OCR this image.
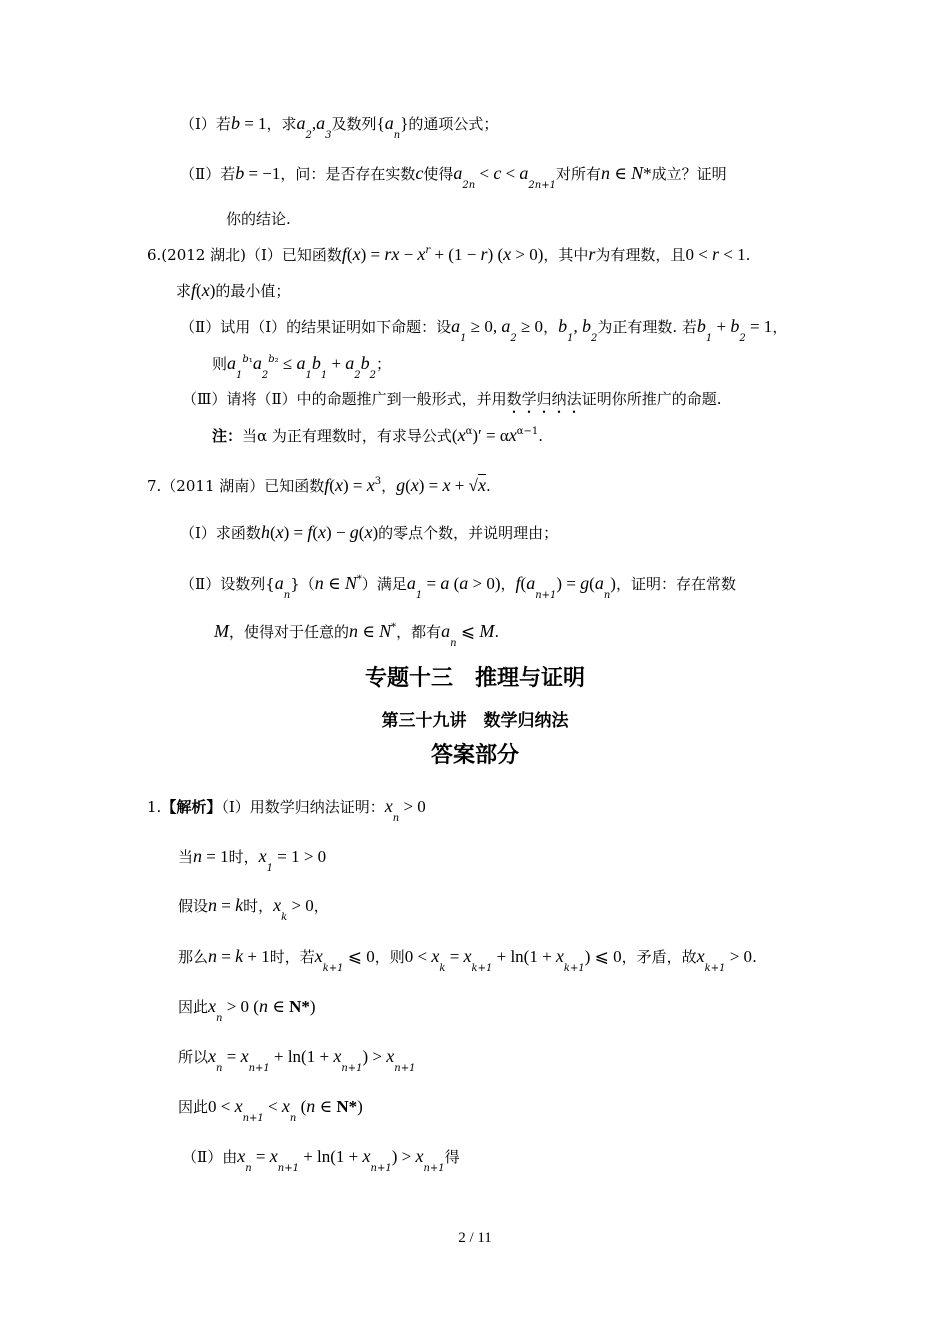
（Ⅰ）若b = 1，求$a_2,a_3$及数列$\{a_n\}$的通项公式；
（Ⅱ）若b = −1，问：是否存在实数c使得$a_{2n} < c < a_{2n+1}$对所有n ∈ N*成立？证明
你的结论.
6.(2012 湖北)（Ⅰ）已知函数f(x) = rx − $x^r + (1 - r) (x > 0)$，其中r为有理数，且0 < r < 1.
求f(x)的最小值；
（Ⅱ）试用（Ⅰ）的结果证明如下命题：设$a_1 \ge 0$, $a_2 \ge 0$，$b_1$, $b_2$为正有理数. 若$b_1 + b_2 = 1$，
则$a_1^{b_1}a_2^{b_2} \le a_1b_1 + a_2b_2$；
（Ⅲ）请将（Ⅱ）中的命题推广到一般形式，并用数学归纳法证明你所推广的命题.
注：当α 为正有理数时，有求导公式$(x^\alpha)' = \alpha x^{\alpha-1}$.
7.（2011 湖南）已知函数$f(x) = x^3$，g(x) = x + √x.
（Ⅰ）求函数h(x) = f(x) − g(x)的零点个数，并说明理由；
（Ⅱ）设数列$\{a_n\}(n$ ∈ N*）满足$a_1 = a$ (a > 0)，$f(a_{n+1}) = g(a_n)$，证明：存在常数
M，使得对于任意的n ∈ N*，都有$a_n$ ⩽ M.
专题十三　推理与证明
第三十九讲　数学归纳法
答案部分
1.【解析】（Ⅰ）用数学归纳法证明：$x_n > 0$
当n = 1时，$x_1 = 1 > 0$
假设n = k时，$x_k > 0$，
那么n = k + 1时，若$x_{k+1}$ ⩽ 0，则$0 < x_k = x_{k+1} + \ln(1 + x_{k+1})$ ⩽ 0，矛盾，故$x_{k+1} > 0$.
因此$x_n > 0$ (n ∈ N*)
所以$x_n = x_{n+1} + \ln(1 + x_{n+1}) > x_{n+1}$
因此$0 < x_{n+1} < x_n$ (n ∈ N*)
（Ⅱ）由$x_n = x_{n+1} + \ln(1 + x_{n+1}) > x_{n+1}$得
2 / 11
